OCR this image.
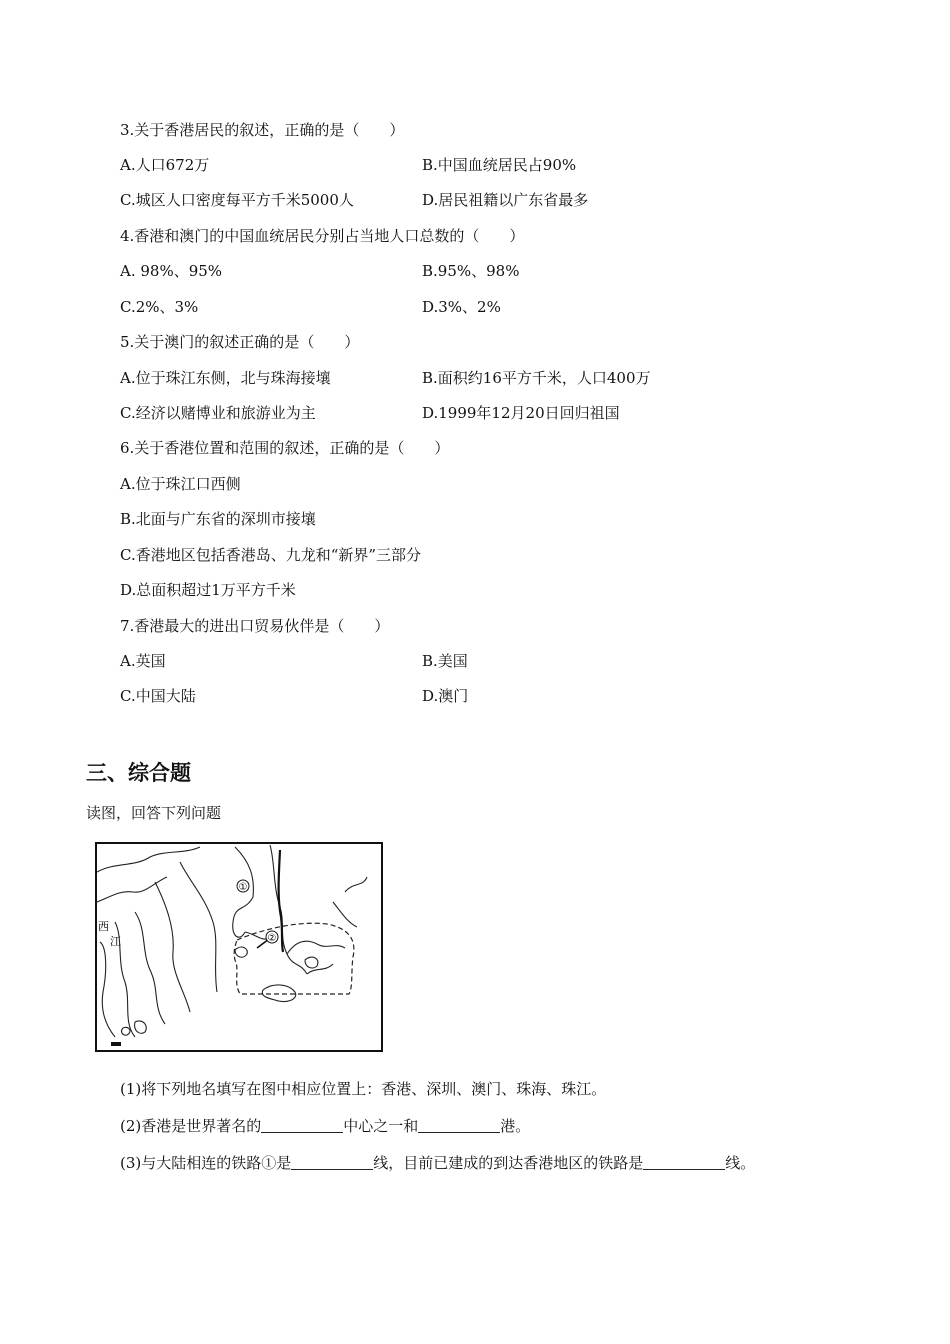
3.关于香港居民的叙述，正确的是（　　）
A.人口672万	B.中国血统居民占90%
C.城区人口密度每平方千米5000人	D.居民祖籍以广东省最多
4.香港和澳门的中国血统居民分别占当地人口总数的（　　）
A. 98%、95%	B.95%、98%
C.2%、3%	D.3%、2%
5.关于澳门的叙述正确的是（　　）
A.位于珠江东侧，北与珠海接壤	B.面积约16平方千米，人口400万
C.经济以赌博业和旅游业为主	D.1999年12月20日回归祖国
6.关于香港位置和范围的叙述，正确的是（　　）
A.位于珠江口西侧
B.北面与广东省的深圳市接壤
C.香港地区包括香港岛、九龙和“新界”三部分
D.总面积超过1万平方千米
7.香港最大的进出口贸易伙伴是（　　）
A.英国	B.美国
C.中国大陆	D.澳门
三、综合题
读图，回答下列问题
①
②
西
江
(1)将下列地名填写在图中相应位置上：香港、深圳、澳门、珠海、珠江。
(2)香港是世界著名的	中心之一和	港。
(3)与大陆相连的铁路①是	线，目前已建成的到达香港地区的铁路是	线。
